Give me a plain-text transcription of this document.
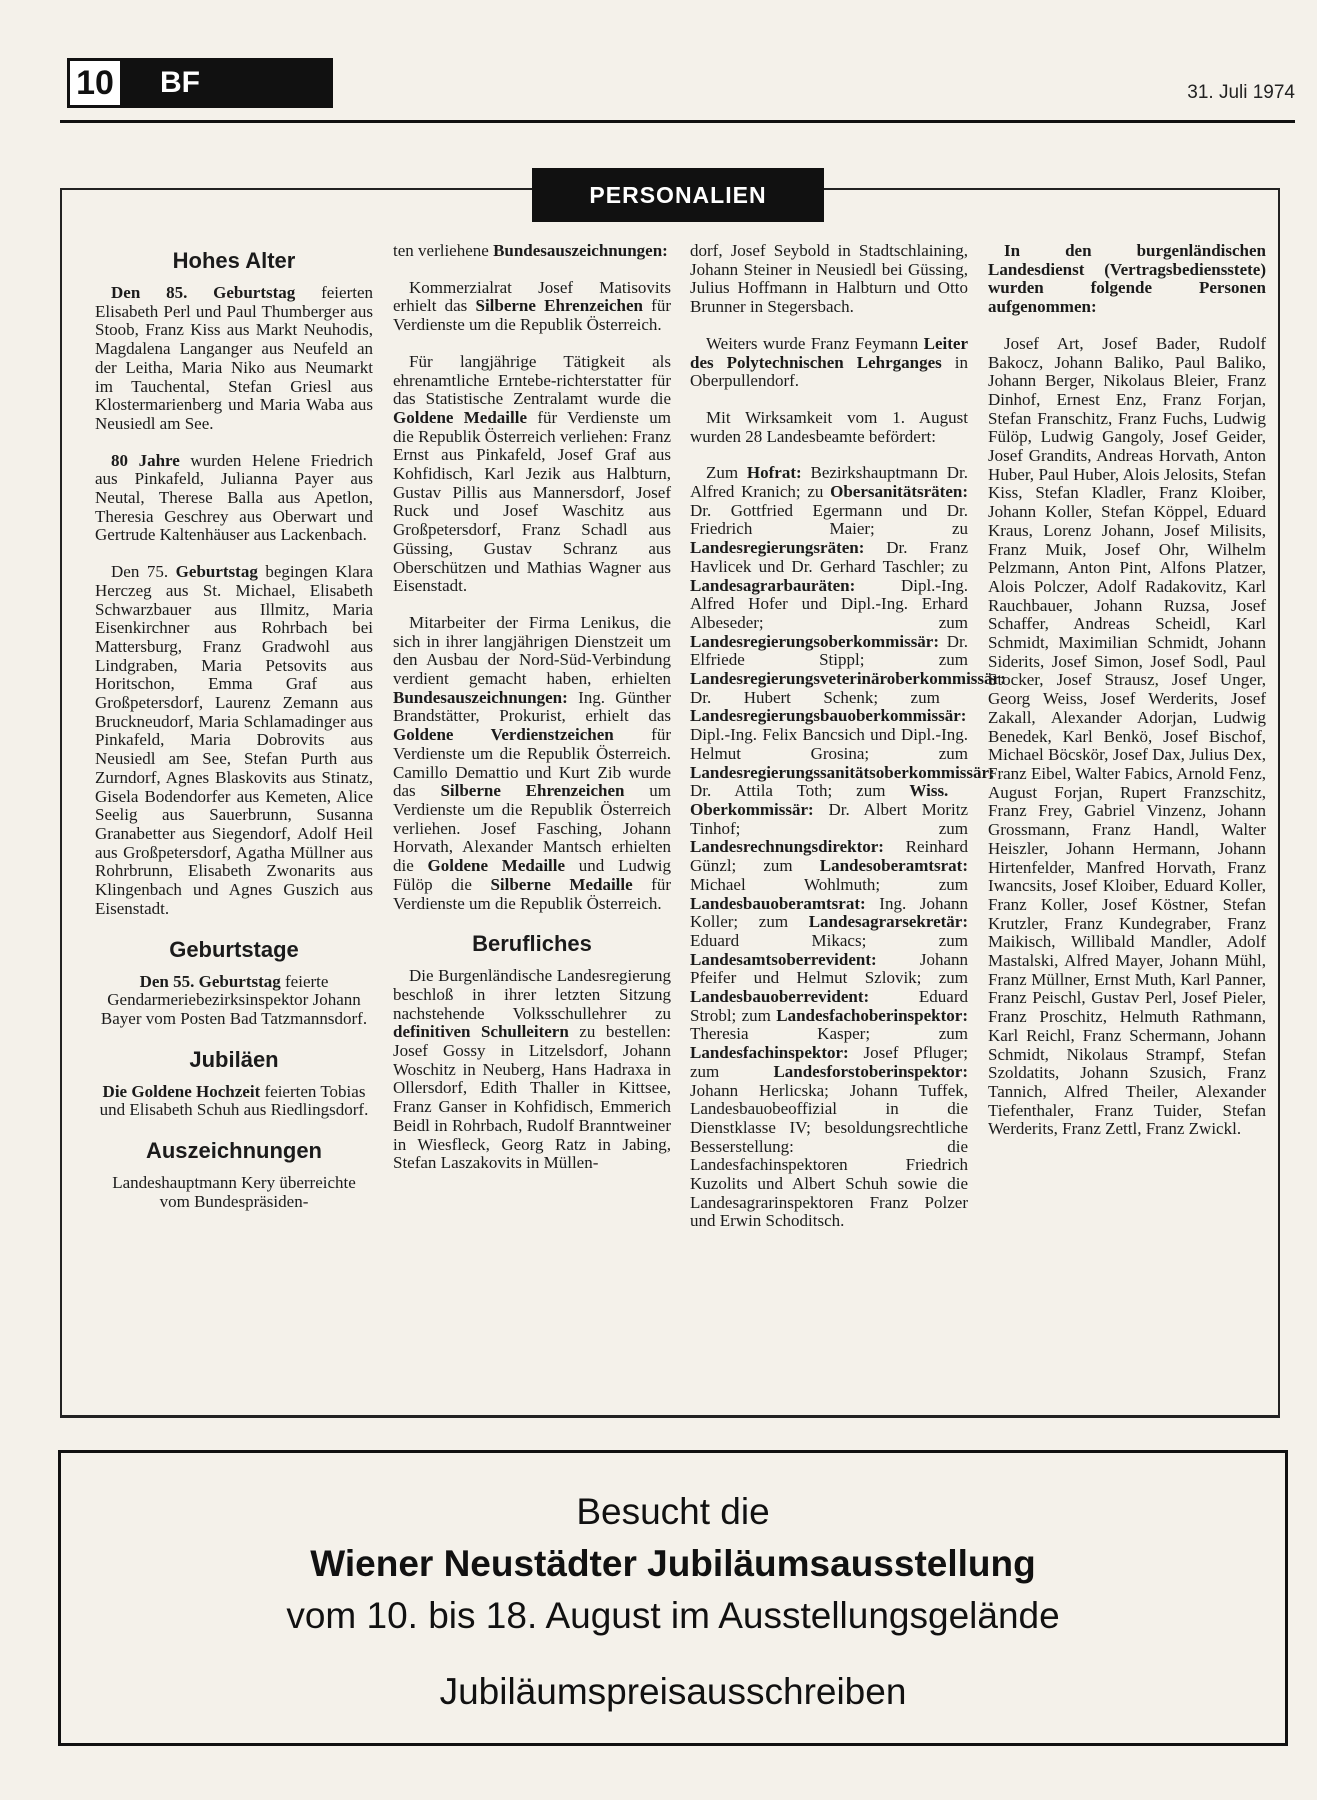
10	BF	31. Juli 1974
PERSONALIEN
Hohes Alter

Den 85. Geburtstag feierten Elisabeth Perl und Paul Thumberger aus Stoob, Franz Kiss aus Markt Neuhodis, Magdalena Langanger aus Neufeld an der Leitha, Maria Niko aus Neumarkt im Tauchental, Stefan Griesl aus Klostermarienberg und Maria Waba aus Neusiedl am See.

80 Jahre wurden Helene Friedrich aus Pinkafeld, Julianna Payer aus Neutal, Therese Balla aus Apetlon, Theresia Geschrey aus Oberwart und Gertrude Kaltenhäuser aus Lackenbach.

Den 75. Geburtstag begingen Klara Herczeg aus St. Michael, Elisabeth Schwarzbauer aus Illmitz, Maria Eisenkirchner aus Rohrbach bei Mattersburg, Franz Gradwohl aus Lindgraben, Maria Petsovits aus Horitschon, Emma Graf aus Großpetersdorf, Laurenz Zemann aus Bruckneudorf, Maria Schlamadinger aus Pinkafeld, Maria Dobrovits aus Neusiedl am See, Stefan Purth aus Zurndorf, Agnes Blaskovits aus Stinatz, Gisela Bodendorfer aus Kemeten, Alice Seelig aus Sauerbrunn, Susanna Granabetter aus Siegendorf, Adolf Heil aus Großpetersdorf, Agatha Müllner aus Rohrbrunn, Elisabeth Zwonarits aus Klingenbach und Agnes Guszich aus Eisenstadt.

Geburtstage

Den 55. Geburtstag feierte Gendarmeriebezirksinspektor Johann Bayer vom Posten Bad Tatzmannsdorf.

Jubiläen

Die Goldene Hochzeit feierten Tobias und Elisabeth Schuh aus Riedlingsdorf.

Auszeichnungen

Landeshauptmann Kery überreichte vom Bundespräsiden-

ten verliehene Bundesauszeichnungen:

Kommerzialrat Josef Matisovits erhielt das Silberne Ehrenzeichen für Verdienste um die Republik Österreich.

Für langjährige Tätigkeit als ehrenamtliche Erntebe-richterstatter für das Statistische Zentralamt wurde die Goldene Medaille für Verdienste um die Republik Österreich verliehen: Franz Ernst aus Pinkafeld, Josef Graf aus Kohfidisch, Karl Jezik aus Halbturn, Gustav Pillis aus Mannersdorf, Josef Ruck und Josef Waschitz aus Großpetersdorf, Franz Schadl aus Güssing, Gustav Schranz aus Oberschützen und Mathias Wagner aus Eisenstadt.

Mitarbeiter der Firma Lenikus, die sich in ihrer langjährigen Dienstzeit um den Ausbau der Nord-Süd-Verbindung verdient gemacht haben, erhielten Bundesauszeichnungen: Ing. Günther Brandstätter, Prokurist, erhielt das Goldene Verdienstzeichen für Verdienste um die Republik Österreich. Camillo Demattio und Kurt Zib wurde das Silberne Ehrenzeichen um Verdienste um die Republik Österreich verliehen. Josef Fasching, Johann Horvath, Alexander Mantsch erhielten die Goldene Medaille und Ludwig Fülöp die Silberne Medaille für Verdienste um die Republik Österreich.

Berufliches

Die Burgenländische Landesregierung beschloß in ihrer letzten Sitzung nachstehende Volksschullehrer zu definitiven Schulleitern zu bestellen: Josef Gossy in Litzelsdorf, Johann Woschitz in Neuberg, Hans Hadraxa in Ollersdorf, Edith Thaller in Kittsee, Franz Ganser in Kohfidisch, Emmerich Beidl in Rohrbach, Rudolf Branntweiner in Wiesfleck, Georg Ratz in Jabing, Stefan Laszakovits in Müllen-

dorf, Josef Seybold in Stadtschlaining, Johann Steiner in Neusiedl bei Güssing, Julius Hoffmann in Halbturn und Otto Brunner in Stegersbach.

Weiters wurde Franz Feymann Leiter des Polytechnischen Lehrganges in Oberpullendorf.

Mit Wirksamkeit vom 1. August wurden 28 Landesbeamte befördert:

Zum Hofrat: Bezirkshauptmann Dr. Alfred Kranich; zu Obersanitätsräten: Dr. Gottfried Egermann und Dr. Friedrich Maier; zu Landesregierungsräten: Dr. Franz Havlicek und Dr. Gerhard Taschler; zu Landesagrarbauräten: Dipl.-Ing. Alfred Hofer und Dipl.-Ing. Erhard Albeseder; zum Landesregierungsoberkommissär: Dr. Elfriede Stippl; zum Landesregierungsveterinäroberkommissär: Dr. Hubert Schenk; zum Landesregierungsbauoberkommissär: Dipl.-Ing. Felix Bancsich und Dipl.-Ing. Helmut Grosina; zum Landesregierungssanitätsoberkommissär: Dr. Attila Toth; zum Wiss. Oberkommissär: Dr. Albert Moritz Tinhof; zum Landesrechnungsdirektor: Reinhard Günzl; zum Landesoberamtsrat: Michael Wohlmuth; zum Landesbauoberamtsrat: Ing. Johann Koller; zum Landesagrarsekretär: Eduard Mikacs; zum Landesamtsoberrevident: Johann Pfeifer und Helmut Szlovik; zum Landesbauoberrevident: Eduard Strobl; zum Landesfachoberinspektor: Theresia Kasper; zum Landesfachinspektor: Josef Pfluger; zum Landesforstoberinspektor: Johann Herlicska; Johann Tuffek, Landesbauobeoffizial in die Dienstklasse IV; besoldungsrechtliche Besserstellung: die Landesfachinspektoren Friedrich Kuzolits und Albert Schuh sowie die Landesagrarinspektoren Franz Polzer und Erwin Schoditsch.

In den burgenländischen Landesdienst (Vertragsbediensstete) wurden folgende Personen aufgenommen:

Josef Art, Josef Bader, Rudolf Bakocz, Johann Baliko, Paul Baliko, Johann Berger, Nikolaus Bleier, Franz Dinhof, Ernest Enz, Franz Forjan, Stefan Franschitz, Franz Fuchs, Ludwig Fülöp, Ludwig Gangoly, Josef Geider, Josef Grandits, Andreas Horvath, Anton Huber, Paul Huber, Alois Jelosits, Stefan Kiss, Stefan Kladler, Franz Kloiber, Johann Koller, Stefan Köppel, Eduard Kraus, Lorenz Johann, Josef Milisits, Franz Muik, Josef Ohr, Wilhelm Pelzmann, Anton Pint, Alfons Platzer, Alois Polczer, Adolf Radakovitz, Karl Rauchbauer, Johann Ruzsa, Josef Schaffer, Andreas Scheidl, Karl Schmidt, Maximilian Schmidt, Johann Siderits, Josef Simon, Josef Sodl, Paul Stocker, Josef Strausz, Josef Unger, Georg Weiss, Josef Werderits, Josef Zakall, Alexander Adorjan, Ludwig Benedek, Karl Benkö, Josef Bischof, Michael Böcskör, Josef Dax, Julius Dex, Franz Eibel, Walter Fabics, Arnold Fenz, August Forjan, Rupert Franzschitz, Franz Frey, Gabriel Vinzenz, Johann Grossmann, Franz Handl, Walter Heiszler, Johann Hermann, Johann Hirtenfelder, Manfred Horvath, Franz Iwancsits, Josef Kloiber, Eduard Koller, Franz Koller, Josef Köstner, Stefan Krutzler, Franz Kundegraber, Franz Maikisch, Willibald Mandler, Adolf Mastalski, Alfred Mayer, Johann Mühl, Franz Müllner, Ernst Muth, Karl Panner, Franz Peischl, Gustav Perl, Josef Pieler, Franz Proschitz, Helmuth Rathmann, Karl Reichl, Franz Schermann, Johann Schmidt, Nikolaus Strampf, Stefan Szoldatits, Johann Szusich, Franz Tannich, Alfred Theiler, Alexander Tiefenthaler, Franz Tuider, Stefan Werderits, Franz Zettl, Franz Zwickl.

Besucht die
Wiener Neustädter Jubiläumsausstellung
vom 10. bis 18. August im Ausstellungsgelände
Jubiläumspreisausschreiben
